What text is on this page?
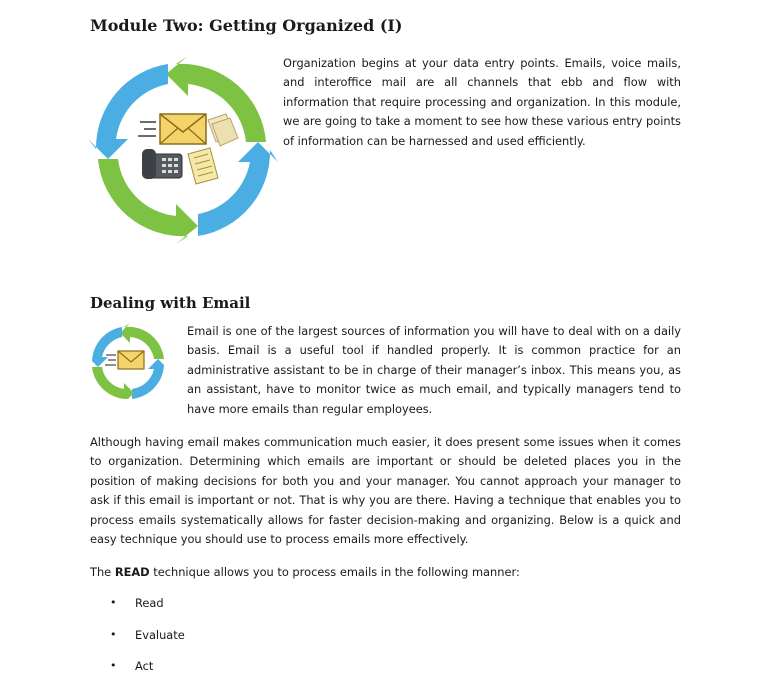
Module Two: Getting Organized (I)

Organization begins at your data entry points. Emails, voice mails, and interoffice mail are all channels that ebb and flow with information that require processing and organization. In this module, we are going to take a moment to see how these various entry points of information can be harnessed and used efficiently.

Dealing with Email

Email is one of the largest sources of information you will have to deal with on a daily basis. Email is a useful tool if handled properly. It is common practice for an administrative assistant to be in charge of their manager’s inbox. This means you, as an assistant, have to monitor twice as much email, and typically managers tend to have more emails than regular employees.

Although having email makes communication much easier, it does present some issues when it comes to organization. Determining which emails are important or should be deleted places you in the position of making decisions for both you and your manager. You cannot approach your manager to ask if this email is important or not. That is why you are there. Having a technique that enables you to process emails systematically allows for faster decision-making and organizing. Below is a quick and easy technique you should use to process emails more effectively.

The READ technique allows you to process emails in the following manner:

• Read
• Evaluate
• Act
